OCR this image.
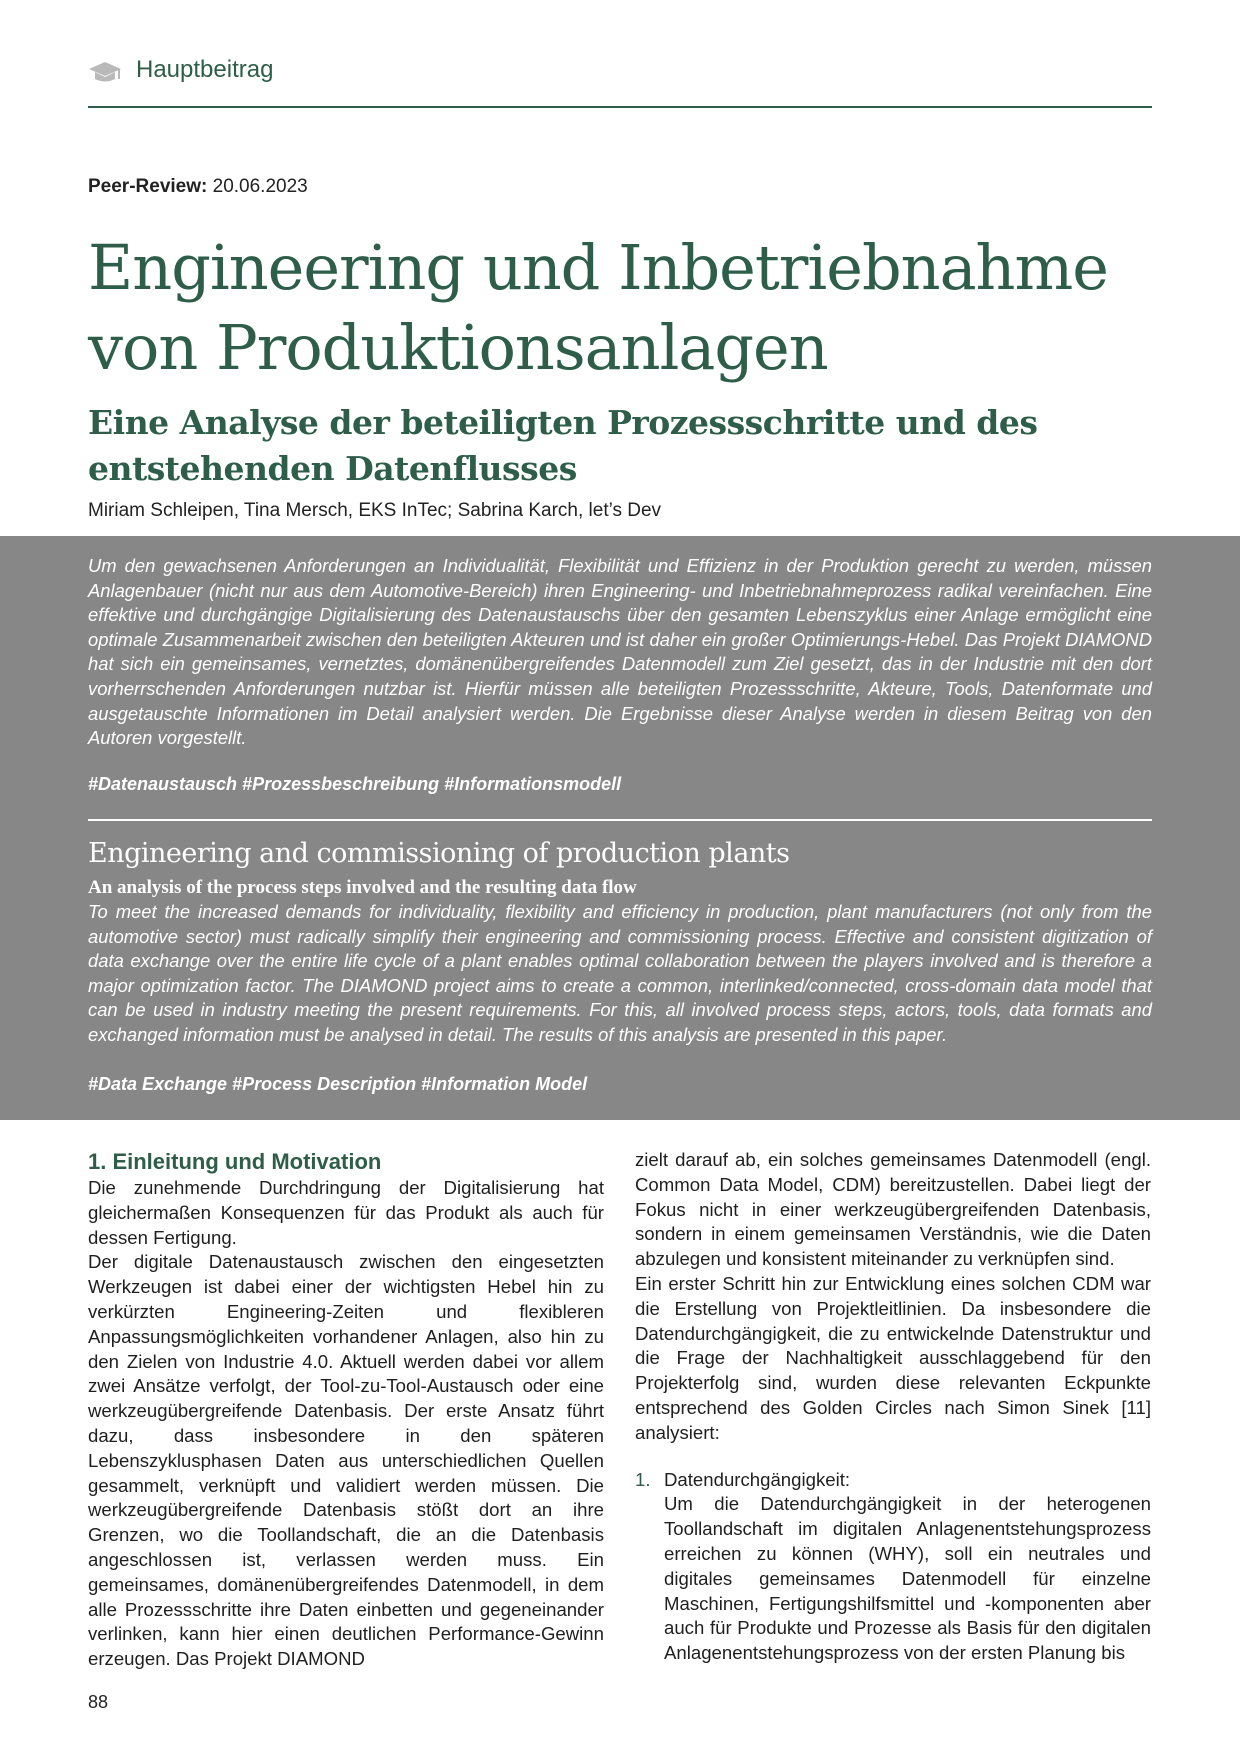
Hauptbeitrag
Peer-Review: 20.06.2023
Engineering und Inbetriebnahme
von Produktionsanlagen
Eine Analyse der beteiligten Prozessschritte und des entstehenden Datenflusses
Miriam Schleipen, Tina Mersch, EKS InTec; Sabrina Karch, let’s Dev

Um den gewachsenen Anforderungen an Individualität, Flexibilität und Effizienz in der Produktion gerecht zu werden, müssen Anlagenbauer (nicht nur aus dem Automotive-Bereich) ihren Engineering- und Inbetriebnahmeprozess radikal vereinfachen. Eine effektive und durchgängige Digitalisierung des Datenaustauschs über den gesamten Lebenszyklus einer Anlage ermöglicht eine optimale Zusammenarbeit zwischen den beteiligten Akteuren und ist daher ein großer Optimierungs-Hebel. Das Projekt DIAMOND hat sich ein gemeinsames, vernetztes, domänenübergreifendes Datenmodell zum Ziel gesetzt, das in der Industrie mit den dort vorherrschenden Anforderungen nutzbar ist. Hierfür müssen alle beteiligten Prozessschritte, Akteure, Tools, Datenformate und ausgetauschte Informationen im Detail analysiert werden. Die Ergebnisse dieser Analyse werden in diesem Beitrag von den Autoren vorgestellt.

#Datenaustausch #Prozessbeschreibung #Informationsmodell
Engineering and commissioning of production plants
An analysis of the process steps involved and the resulting data flow

To meet the increased demands for individuality, flexibility and efficiency in production, plant manufacturers (not only from the automotive sector) must radically simplify their engineering and commissioning process. Effective and consistent digitization of data exchange over the entire life cycle of a plant enables optimal collaboration between the players involved and is therefore a major optimization factor. The DIAMOND project aims to create a common, interlinked/connected, cross-domain data model that can be used in industry meeting the present requirements. For this, all involved process steps, actors, tools, data formats and exchanged information must be analysed in detail. The results of this analysis are presented in this paper.

#Data Exchange #Process Description #Information Model
1. Einleitung und Motivation

Die zunehmende Durchdringung der Digitalisierung hat gleichermaßen Konsequenzen für das Produkt als auch für dessen Fertigung.

Der digitale Datenaustausch zwischen den eingesetzten Werkzeugen ist dabei einer der wichtigsten Hebel hin zu verkürzten Engineering-Zeiten und flexibleren Anpassungsmöglichkeiten vorhandener Anlagen, also hin zu den Zielen von Industrie 4.0. Aktuell werden dabei vor allem zwei Ansätze verfolgt, der Tool-zu-Tool-Austausch oder eine werkzeugübergreifende Datenbasis. Der erste Ansatz führt dazu, dass insbesondere in den späteren Lebenszyklusphasen Daten aus unterschiedlichen Quellen gesammelt, verknüpft und validiert werden müssen. Die werkzeugübergreifende Datenbasis stößt dort an ihre Grenzen, wo die Toollandschaft, die an die Datenbasis angeschlossen ist, verlassen werden muss. Ein gemeinsames, domänenübergreifendes Datenmodell, in dem alle Prozessschritte ihre Daten einbetten und gegeneinander verlinken, kann hier einen deutlichen Performance-Gewinn erzeugen. Das Projekt DIAMOND

zielt darauf ab, ein solches gemeinsames Datenmodell (engl. Common Data Model, CDM) bereitzustellen. Dabei liegt der Fokus nicht in einer werkzeugübergreifenden Datenbasis, sondern in einem gemeinsamen Verständnis, wie die Daten abzulegen und konsistent miteinander zu verknüpfen sind.

Ein erster Schritt hin zur Entwicklung eines solchen CDM war die Erstellung von Projektleitlinien. Da insbesondere die Datendurchgängigkeit, die zu entwickelnde Datenstruktur und die Frage der Nachhaltigkeit ausschlaggebend für den Projekterfolg sind, wurden diese relevanten Eckpunkte entsprechend des Golden Circles nach Simon Sinek [11] analysiert:

1. Datendurchgängigkeit:

Um die Datendurchgängigkeit in der heterogenen Toollandschaft im digitalen Anlagenentstehungsprozess erreichen zu können (WHY), soll ein neutrales und digitales gemeinsames Datenmodell für einzelne Maschinen, Fertigungshilfsmittel und -komponenten aber auch für Produkte und Prozesse als Basis für den digitalen Anlagenentstehungsprozess von der ersten Planung bis

88
